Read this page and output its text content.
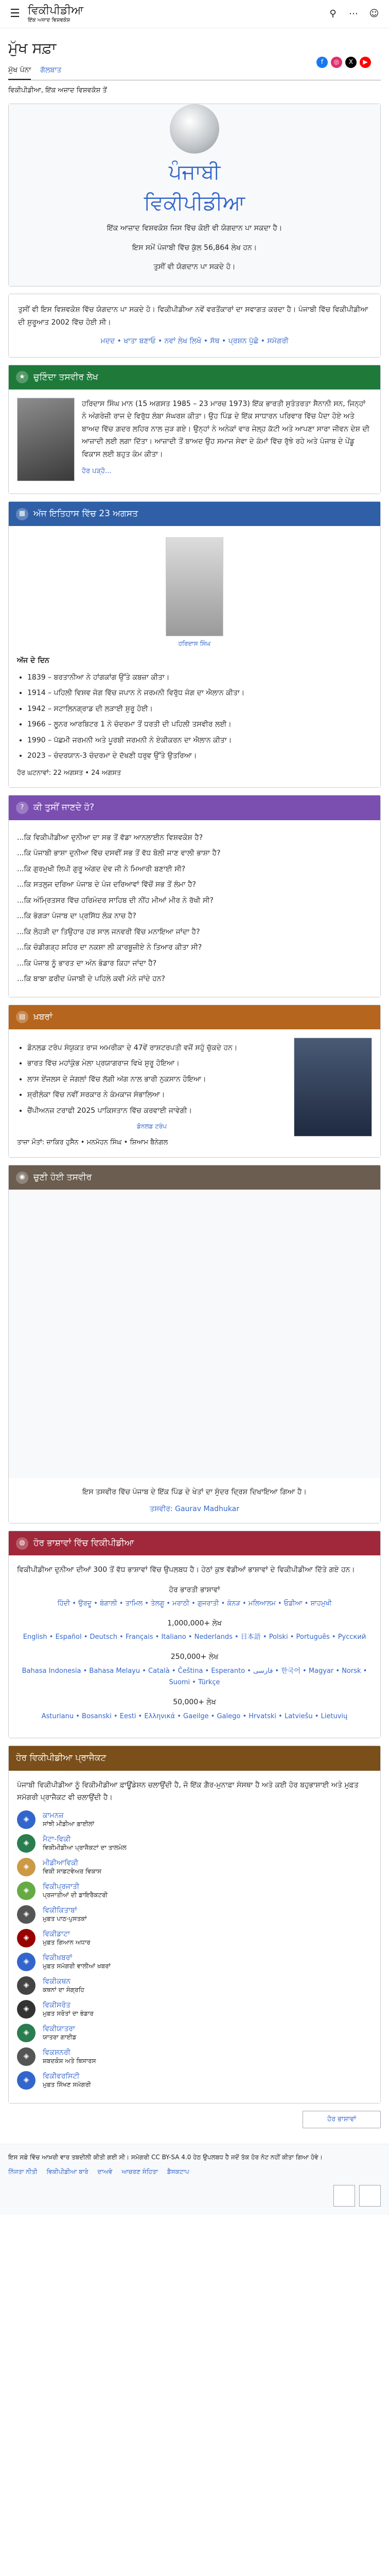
☰ ਵਿਕੀਪੀਡੀਆ
ਇੱਕ ਅਜ਼ਾਦ ਵਿਸ਼ਵਕੋਸ਼
⚲	⋯	☺
ਮੁੱਖ ਸਫ਼ਾ
ਮੁੱਖ ਪੰਨਾ ਗੱਲਬਾਤ
ਵਿਕੀਪੀਡੀਆ, ਇੱਕ ਅਜ਼ਾਦ ਵਿਸ਼ਵਕੋਸ਼ ਤੋਂ
f	◎	X	▶
ਪੰਜਾਬੀ
ਵਿਕੀਪੀਡੀਆ
ਇੱਕ ਆਜ਼ਾਦ ਵਿਸ਼ਵਕੋਸ਼ ਜਿਸ ਵਿੱਚ ਕੋਈ ਵੀ ਯੋਗਦਾਨ ਪਾ ਸਕਦਾ ਹੈ।
ਇਸ ਸਮੇਂ ਪੰਜਾਬੀ ਵਿੱਚ ਕੁੱਲ 56,864 ਲੇਖ ਹਨ।
ਤੁਸੀਂ ਵੀ ਯੋਗਦਾਨ ਪਾ ਸਕਦੇ ਹੋ।
ਤੁਸੀਂ ਵੀ ਇਸ ਵਿਸ਼ਵਕੋਸ਼ ਵਿੱਚ ਯੋਗਦਾਨ ਪਾ ਸਕਦੇ ਹੋ। ਵਿਕੀਪੀਡੀਆ ਨਵੇਂ ਵਰਤੋਂਕਾਰਾਂ ਦਾ ਸਵਾਗਤ ਕਰਦਾ ਹੈ। ਪੰਜਾਬੀ ਵਿੱਚ ਵਿਕੀਪੀਡੀਆ ਦੀ ਸ਼ੁਰੂਆਤ 2002 ਵਿੱਚ ਹੋਈ ਸੀ।
ਮਦਦ • ਖਾਤਾ ਬਣਾਓ • ਨਵਾਂ ਲੇਖ ਲਿਖੋ • ਸੱਥ • ਪ੍ਰਸ਼ਨ ਪੁੱਛੋ • ਸਮੱਗਰੀ
★ ਚੁਣਿੰਦਾ ਤਸਵੀਰ ਲੇਖ
ਹਰਿਦਾਸ ਸਿੰਘ ਮਾਨ (15 ਅਗਸਤ 1985 – 23 ਮਾਰਚ 1973) ਇੱਕ ਭਾਰਤੀ ਸੁਤੰਤਰਤਾ ਸੈਨਾਨੀ ਸਨ, ਜਿਨ੍ਹਾਂ ਨੇ ਅੰਗਰੇਜ਼ੀ ਰਾਜ ਦੇ ਵਿਰੁੱਧ ਲੰਬਾ ਸੰਘਰਸ਼ ਕੀਤਾ। ਉਹ ਪਿੰਡ ਦੇ ਇੱਕ ਸਾਧਾਰਨ ਪਰਿਵਾਰ ਵਿੱਚ ਪੈਦਾ ਹੋਏ ਅਤੇ ਬਾਅਦ ਵਿੱਚ ਗ਼ਦਰ ਲਹਿਰ ਨਾਲ ਜੁੜ ਗਏ। ਉਨ੍ਹਾਂ ਨੇ ਅਨੇਕਾਂ ਵਾਰ ਜੇਲ੍ਹ ਕੱਟੀ ਅਤੇ ਆਪਣਾ ਸਾਰਾ ਜੀਵਨ ਦੇਸ਼ ਦੀ ਆਜ਼ਾਦੀ ਲਈ ਲਗਾ ਦਿੱਤਾ। ਆਜ਼ਾਦੀ ਤੋਂ ਬਾਅਦ ਉਹ ਸਮਾਜ ਸੇਵਾ ਦੇ ਕੰਮਾਂ ਵਿੱਚ ਰੁੱਝੇ ਰਹੇ ਅਤੇ ਪੰਜਾਬ ਦੇ ਪੇਂਡੂ ਵਿਕਾਸ ਲਈ ਬਹੁਤ ਕੰਮ ਕੀਤਾ।
ਹੋਰ ਪੜ੍ਹੋ...
▦ ਅੱਜ ਇਤਿਹਾਸ ਵਿੱਚ 23 ਅਗਸਤ
ਹਰਿਦਾਸ ਸਿੰਘ
ਅੱਜ ਦੇ ਦਿਨ
• 1839 – ਬਰਤਾਨੀਆ ਨੇ ਹਾਂਗਕਾਂਗ ਉੱਤੇ ਕਬਜ਼ਾ ਕੀਤਾ।
• 1914 – ਪਹਿਲੀ ਵਿਸ਼ਵ ਜੰਗ ਵਿੱਚ ਜਪਾਨ ਨੇ ਜਰਮਨੀ ਵਿਰੁੱਧ ਜੰਗ ਦਾ ਐਲਾਨ ਕੀਤਾ।
• 1942 – ਸਟਾਲਿਨਗ੍ਰਾਡ ਦੀ ਲੜਾਈ ਸ਼ੁਰੂ ਹੋਈ।
• 1966 – ਲੂਨਰ ਆਰਬਿਟਰ 1 ਨੇ ਚੰਦਰਮਾ ਤੋਂ ਧਰਤੀ ਦੀ ਪਹਿਲੀ ਤਸਵੀਰ ਲਈ।
• 1990 – ਪੱਛਮੀ ਜਰਮਨੀ ਅਤੇ ਪੂਰਬੀ ਜਰਮਨੀ ਨੇ ਏਕੀਕਰਨ ਦਾ ਐਲਾਨ ਕੀਤਾ।
• 2023 – ਚੰਦਰਯਾਨ-3 ਚੰਦਰਮਾ ਦੇ ਦੱਖਣੀ ਧਰੁਵ ਉੱਤੇ ਉਤਰਿਆ।
ਹੋਰ ਘਟਨਾਵਾਂ: 22 ਅਗਸਤ • 24 ਅਗਸਤ
?	ਕੀ ਤੁਸੀਂ ਜਾਣਦੇ ਹੋ?
...ਕਿ ਵਿਕੀਪੀਡੀਆ ਦੁਨੀਆ ਦਾ ਸਭ ਤੋਂ ਵੱਡਾ ਆਨਲਾਈਨ ਵਿਸ਼ਵਕੋਸ਼ ਹੈ?
...ਕਿ ਪੰਜਾਬੀ ਭਾਸ਼ਾ ਦੁਨੀਆ ਵਿੱਚ ਦਸਵੀਂ ਸਭ ਤੋਂ ਵੱਧ ਬੋਲੀ ਜਾਣ ਵਾਲੀ ਭਾਸ਼ਾ ਹੈ?
...ਕਿ ਗੁਰਮੁਖੀ ਲਿਪੀ ਗੁਰੂ ਅੰਗਦ ਦੇਵ ਜੀ ਨੇ ਮਿਆਰੀ ਬਣਾਈ ਸੀ?
...ਕਿ ਸਤਲੁਜ ਦਰਿਆ ਪੰਜਾਬ ਦੇ ਪੰਜ ਦਰਿਆਵਾਂ ਵਿੱਚੋਂ ਸਭ ਤੋਂ ਲੰਮਾ ਹੈ?
...ਕਿ ਅੰਮ੍ਰਿਤਸਰ ਵਿੱਚ ਹਰਿਮੰਦਰ ਸਾਹਿਬ ਦੀ ਨੀਂਹ ਮੀਆਂ ਮੀਰ ਨੇ ਰੱਖੀ ਸੀ?
...ਕਿ ਭੰਗੜਾ ਪੰਜਾਬ ਦਾ ਪ੍ਰਸਿੱਧ ਲੋਕ ਨਾਚ ਹੈ?
...ਕਿ ਲੋਹੜੀ ਦਾ ਤਿਉਹਾਰ ਹਰ ਸਾਲ ਜਨਵਰੀ ਵਿੱਚ ਮਨਾਇਆ ਜਾਂਦਾ ਹੈ?
...ਕਿ ਚੰਡੀਗੜ੍ਹ ਸ਼ਹਿਰ ਦਾ ਨਕਸ਼ਾ ਲੀ ਕਾਰਬੂਜ਼ੀਏ ਨੇ ਤਿਆਰ ਕੀਤਾ ਸੀ?
...ਕਿ ਪੰਜਾਬ ਨੂੰ ਭਾਰਤ ਦਾ ਅੰਨ ਭੰਡਾਰ ਕਿਹਾ ਜਾਂਦਾ ਹੈ?
...ਕਿ ਬਾਬਾ ਫ਼ਰੀਦ ਪੰਜਾਬੀ ਦੇ ਪਹਿਲੇ ਕਵੀ ਮੰਨੇ ਜਾਂਦੇ ਹਨ?
▤ ਖ਼ਬਰਾਂ
• ਡੋਨਲਡ ਟਰੰਪ ਸੰਯੁਕਤ ਰਾਜ ਅਮਰੀਕਾ ਦੇ 47ਵੇਂ ਰਾਸ਼ਟਰਪਤੀ ਵਜੋਂ ਸਹੁੰ ਚੁੱਕਦੇ ਹਨ।
• ਭਾਰਤ ਵਿੱਚ ਮਹਾਂਕੁੰਭ ਮੇਲਾ ਪ੍ਰਯਾਗਰਾਜ ਵਿਖੇ ਸ਼ੁਰੂ ਹੋਇਆ।
• ਲਾਸ ਏਂਜਲਸ ਦੇ ਜੰਗਲਾਂ ਵਿੱਚ ਲੱਗੀ ਅੱਗ ਨਾਲ ਭਾਰੀ ਨੁਕਸਾਨ ਹੋਇਆ।
• ਸ਼੍ਰੀਲੰਕਾ ਵਿੱਚ ਨਵੀਂ ਸਰਕਾਰ ਨੇ ਕੰਮਕਾਜ ਸੰਭਾਲਿਆ।
• ਚੈਂਪੀਅਨਜ਼ ਟਰਾਫੀ 2025 ਪਾਕਿਸਤਾਨ ਵਿੱਚ ਕਰਵਾਈ ਜਾਵੇਗੀ।
ਡੋਨਲਡ ਟਰੰਪ
ਤਾਜ਼ਾ ਮੌਤਾਂ: ਜ਼ਾਕਿਰ ਹੁਸੈਨ • ਮਨਮੋਹਨ ਸਿੰਘ • ਸ਼ਿਆਮ ਬੈਨੇਗਲ
◉ ਚੁਣੀ ਹੋਈ ਤਸਵੀਰ
ਇਸ ਤਸਵੀਰ ਵਿੱਚ ਪੰਜਾਬ ਦੇ ਇੱਕ ਪਿੰਡ ਦੇ ਖੇਤਾਂ ਦਾ ਸੁੰਦਰ ਦ੍ਰਿਸ਼ ਦਿਖਾਇਆ ਗਿਆ ਹੈ।
ਤਸਵੀਰ: Gaurav Madhukar
◍ ਹੋਰ ਭਾਸ਼ਾਵਾਂ ਵਿੱਚ ਵਿਕੀਪੀਡੀਆ
ਵਿਕੀਪੀਡੀਆ ਦੁਨੀਆ ਦੀਆਂ 300 ਤੋਂ ਵੱਧ ਭਾਸ਼ਾਵਾਂ ਵਿੱਚ ਉਪਲਬਧ ਹੈ। ਹੇਠਾਂ ਕੁਝ ਵੱਡੀਆਂ ਭਾਸ਼ਾਵਾਂ ਦੇ ਵਿਕੀਪੀਡੀਆ ਦਿੱਤੇ ਗਏ ਹਨ।
ਹੋਰ ਭਾਰਤੀ ਭਾਸ਼ਾਵਾਂ
ਹਿੰਦੀ • ਉਰਦੂ • ਬੰਗਾਲੀ • ਤਾਮਿਲ • ਤੇਲਗੂ • ਮਰਾਠੀ • ਗੁਜਰਾਤੀ • ਕੰਨੜ • ਮਲਿਆਲਮ • ਓਡੀਆ • ਸ਼ਾਹਮੁਖੀ
1,000,000+ ਲੇਖ
English • Español • Deutsch • Français • Italiano • Nederlands • 日本語 • Polski • Português • Русский
250,000+ ਲੇਖ
Bahasa Indonesia • Bahasa Melayu • Català • Čeština • Esperanto • فارسی • 한국어 • Magyar • Norsk • Suomi • Türkçe
50,000+ ਲੇਖ
Asturianu • Bosanski • Eesti • Ελληνικά • Gaeilge • Galego • Hrvatski • Latviešu • Lietuvių
ਹੋਰ ਵਿਕੀਪੀਡੀਆ ਪ੍ਰਾਜੈਕਟ
ਪੰਜਾਬੀ ਵਿਕੀਪੀਡੀਆ ਨੂੰ ਵਿਕੀਮੀਡੀਆ ਫ਼ਾਊਂਡੇਸ਼ਨ ਚਲਾਉਂਦੀ ਹੈ, ਜੋ ਇੱਕ ਗ਼ੈਰ-ਮੁਨਾਫ਼ਾ ਸੰਸਥਾ ਹੈ ਅਤੇ ਕਈ ਹੋਰ ਬਹੁਭਾਸ਼ਾਈ ਅਤੇ ਮੁਫ਼ਤ ਸਮੱਗਰੀ ਪ੍ਰਾਜੈਕਟ ਵੀ ਚਲਾਉਂਦੀ ਹੈ।
◈	ਕਾਮਨਜ਼
ਸਾਂਝੀ ਮੀਡੀਆ ਫ਼ਾਈਲਾਂ
◈	ਮੈਟਾ-ਵਿਕੀ
ਵਿਕੀਮੀਡੀਆ ਪ੍ਰਾਜੈਕਟਾਂ ਦਾ ਤਾਲਮੇਲ
◈	ਮੀਡੀਆਵਿਕੀ
ਵਿਕੀ ਸਾਫ਼ਟਵੇਅਰ ਵਿਕਾਸ
◈	ਵਿਕੀਪ੍ਰਜਾਤੀ
ਪ੍ਰਜਾਤੀਆਂ ਦੀ ਡਾਇਰੈਕਟਰੀ
◈	ਵਿਕੀਕਿਤਾਬਾਂ
ਮੁਫ਼ਤ ਪਾਠ-ਪੁਸਤਕਾਂ
◈	ਵਿਕੀਡਾਟਾ
ਮੁਫ਼ਤ ਗਿਆਨ ਅਧਾਰ
◈	ਵਿਕੀਖ਼ਬਰਾਂ
ਮੁਫ਼ਤ ਸਮੱਗਰੀ ਵਾਲੀਆਂ ਖ਼ਬਰਾਂ
◈	ਵਿਕੀਕਥਨ
ਕਥਨਾਂ ਦਾ ਸੰਗ੍ਰਹਿ
◈	ਵਿਕੀਸਰੋਤ
ਮੁਫ਼ਤ ਸਰੋਤਾਂ ਦਾ ਭੰਡਾਰ
◈	ਵਿਕੀਯਾਤਰਾ
ਯਾਤਰਾ ਗਾਈਡ
◈	ਵਿਕਸ਼ਨਰੀ
ਸ਼ਬਦਕੋਸ਼ ਅਤੇ ਥਿਸਾਰਸ
◈	ਵਿਕੀਵਰਸਿਟੀ
ਮੁਫ਼ਤ ਸਿੱਖਣ ਸਮੱਗਰੀ
ਹੋਰ ਭਾਸ਼ਾਵਾਂ
ਇਸ ਸਫ਼ੇ ਵਿੱਚ ਆਖ਼ਰੀ ਵਾਰ ਤਬਦੀਲੀ ਕੀਤੀ ਗਈ ਸੀ। ਸਮੱਗਰੀ CC BY-SA 4.0 ਹੇਠ ਉਪਲਬਧ ਹੈ ਜਦੋਂ ਤੱਕ ਹੋਰ ਨੋਟ ਨਹੀਂ ਕੀਤਾ ਗਿਆ ਹੋਵੇ।
ਨਿੱਜਤਾ ਨੀਤੀ ਵਿਕੀਪੀਡੀਆ ਬਾਰੇ ਦਾਅਵੇ ਆਚਰਣ ਸੰਹਿਤਾ ਡੈਸਕਟਾਪ
